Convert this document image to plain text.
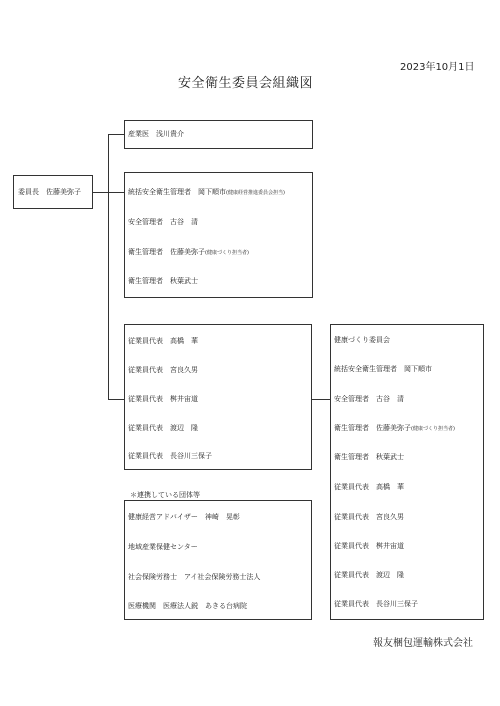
2023年10月1日
安全衛生委員会組織図
委員長　佐藤美弥子
産業医　浅川貴介
統括安全衛生管理者　岡下順市(健康経営推進委員会担当)
安全管理者　古谷　清
衛生管理者　佐藤美弥子(健康づくり担当者)
衛生管理者　秋葉武士
従業員代表　高橋　華
従業員代表　宮良久男
従業員代表　桝井宙道
従業員代表　渡辺　隆
従業員代表　長谷川三保子
＊連携している団体等
健康経営アドバイザー　神崎　晃彰
地域産業保健センター
社会保険労務士　アイ社会保険労務士法人
医療機関　医療法人鋭　あきる台病院
健康づくり委員会
統括安全衛生管理者　岡下順市
安全管理者　古谷　清
衛生管理者　佐藤美弥子(健康づくり担当者)
衛生管理者　秋葉武士
従業員代表　高橋　華
従業員代表　宮良久男
従業員代表　桝井宙道
従業員代表　渡辺　隆
従業員代表　長谷川三保子
報友梱包運輸株式会社
